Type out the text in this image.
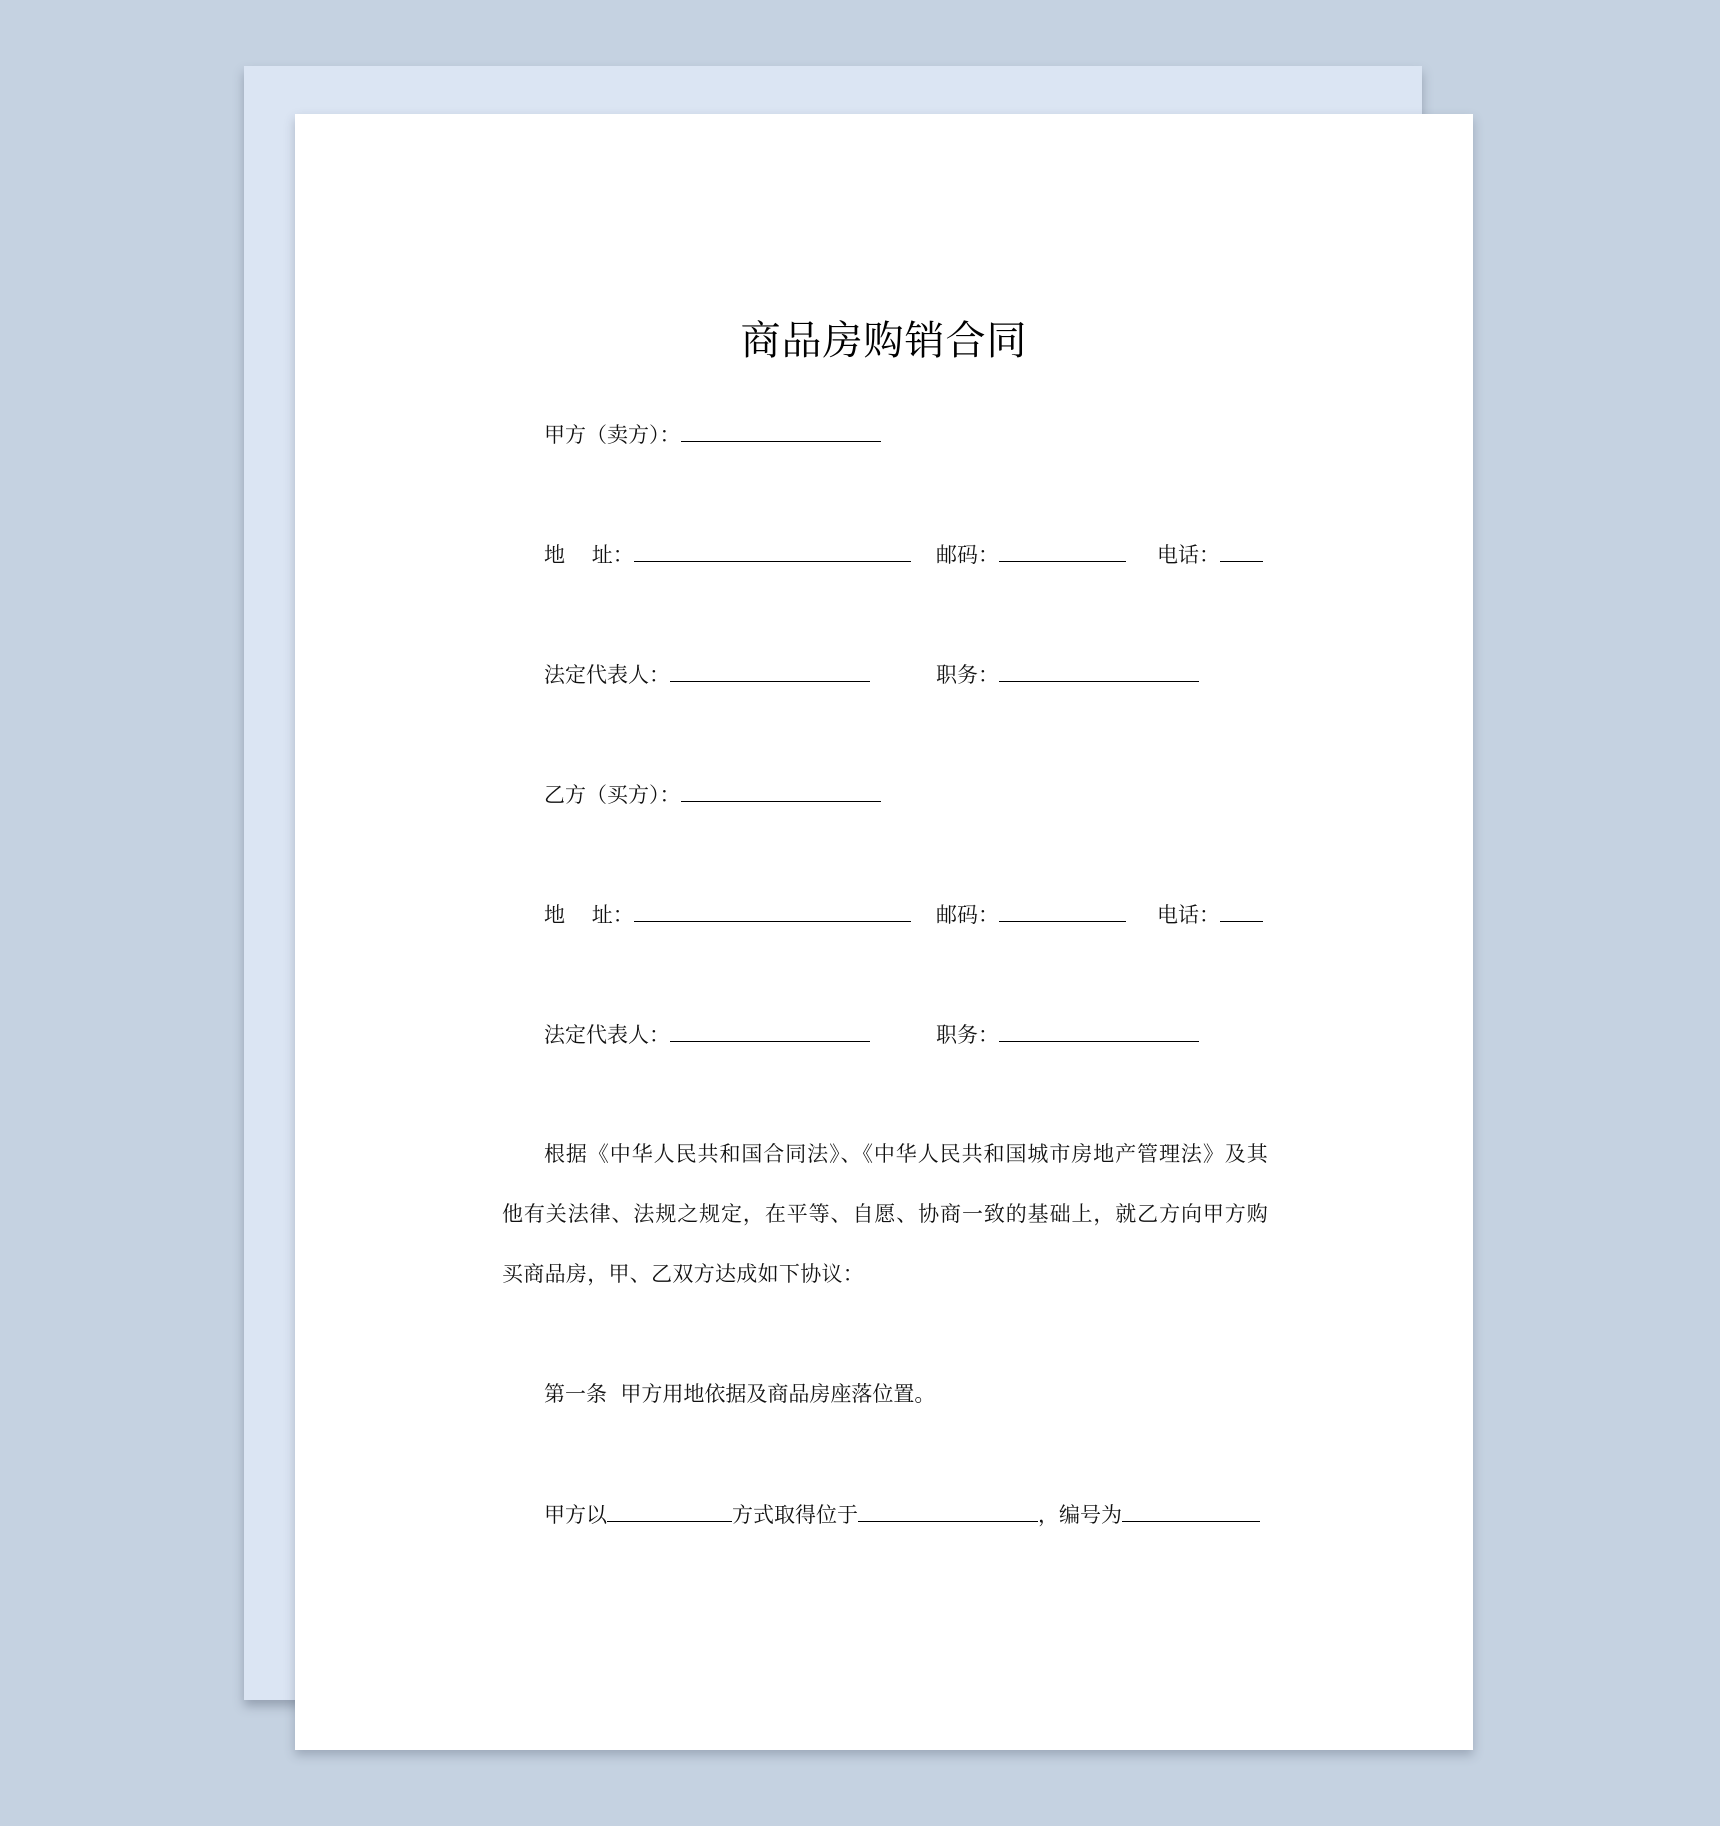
商品房购销合同
甲方（卖方）：
地    址：	邮码：	电话：
法定代表人：	职务：
乙方（买方）：
地    址：	邮码：	电话：
法定代表人：	职务：
根据《中华人民共和国合同法》、《中华人民共和国城市房地产管理法》及其他有关法律、法规之规定，在平等、自愿、协商一致的基础上，就乙方向甲方购买商品房，甲、乙双方达成如下协议：
第一条  甲方用地依据及商品房座落位置。
甲方以	方式取得位于	，编号为
